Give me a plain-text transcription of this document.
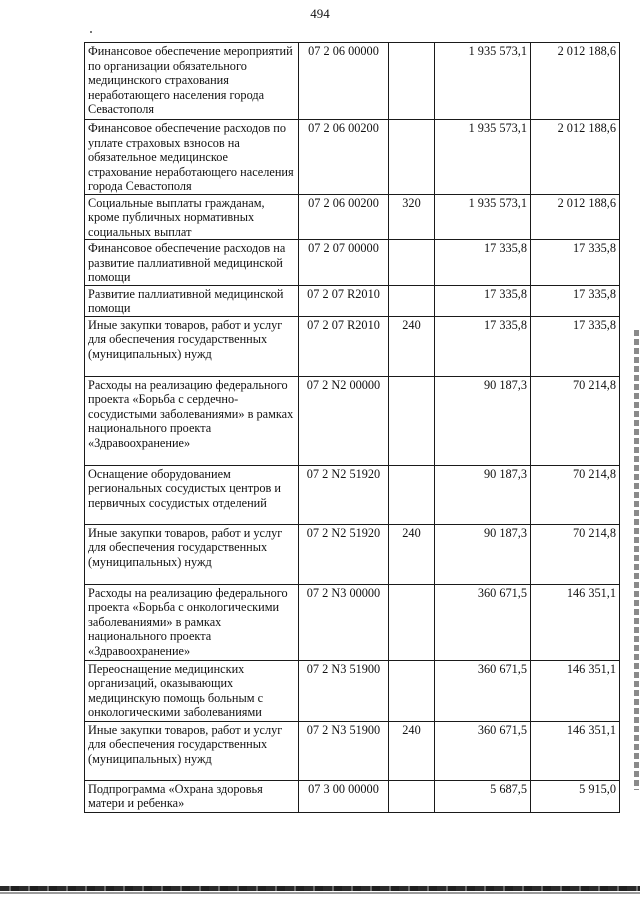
494
Финансовое обеспечение мероприятий по организации обязательного медицинского страхования неработающего населения города Севастополя	07 2 06 00000		1 935 573,1	2 012 188,6
Финансовое обеспечение расходов по уплате страховых взносов на обязательное медицинское страхование неработающего населения города Севастополя	07 2 06 00200		1 935 573,1	2 012 188,6
Социальные выплаты гражданам, кроме публичных нормативных социальных выплат	07 2 06 00200	320	1 935 573,1	2 012 188,6
Финансовое обеспечение расходов на развитие паллиативной медицинской помощи	07 2 07 00000		17 335,8	17 335,8
Развитие паллиативной медицинской помощи	07 2 07 R2010		17 335,8	17 335,8
Иные закупки товаров, работ и услуг для обеспечения государственных (муниципальных) нужд	07 2 07 R2010	240	17 335,8	17 335,8
Расходы на реализацию федерального проекта «Борьба с сердечно-сосудистыми заболеваниями» в рамках национального проекта «Здравоохранение»	07 2 N2 00000		90 187,3	70 214,8
Оснащение оборудованием региональных сосудистых центров и первичных сосудистых отделений	07 2 N2 51920		90 187,3	70 214,8
Иные закупки товаров, работ и услуг для обеспечения государственных (муниципальных) нужд	07 2 N2 51920	240	90 187,3	70 214,8
Расходы на реализацию федерального проекта «Борьба с онкологическими заболеваниями» в рамках национального проекта «Здравоохранение»	07 2 N3 00000		360 671,5	146 351,1
Переоснащение медицинских организаций, оказывающих медицинскую помощь больным с онкологическими заболеваниями	07 2 N3 51900		360 671,5	146 351,1
Иные закупки товаров, работ и услуг для обеспечения государственных (муниципальных) нужд	07 2 N3 51900	240	360 671,5	146 351,1
Подпрограмма «Охрана здоровья матери и ребенка»	07 3 00 00000		5 687,5	5 915,0
